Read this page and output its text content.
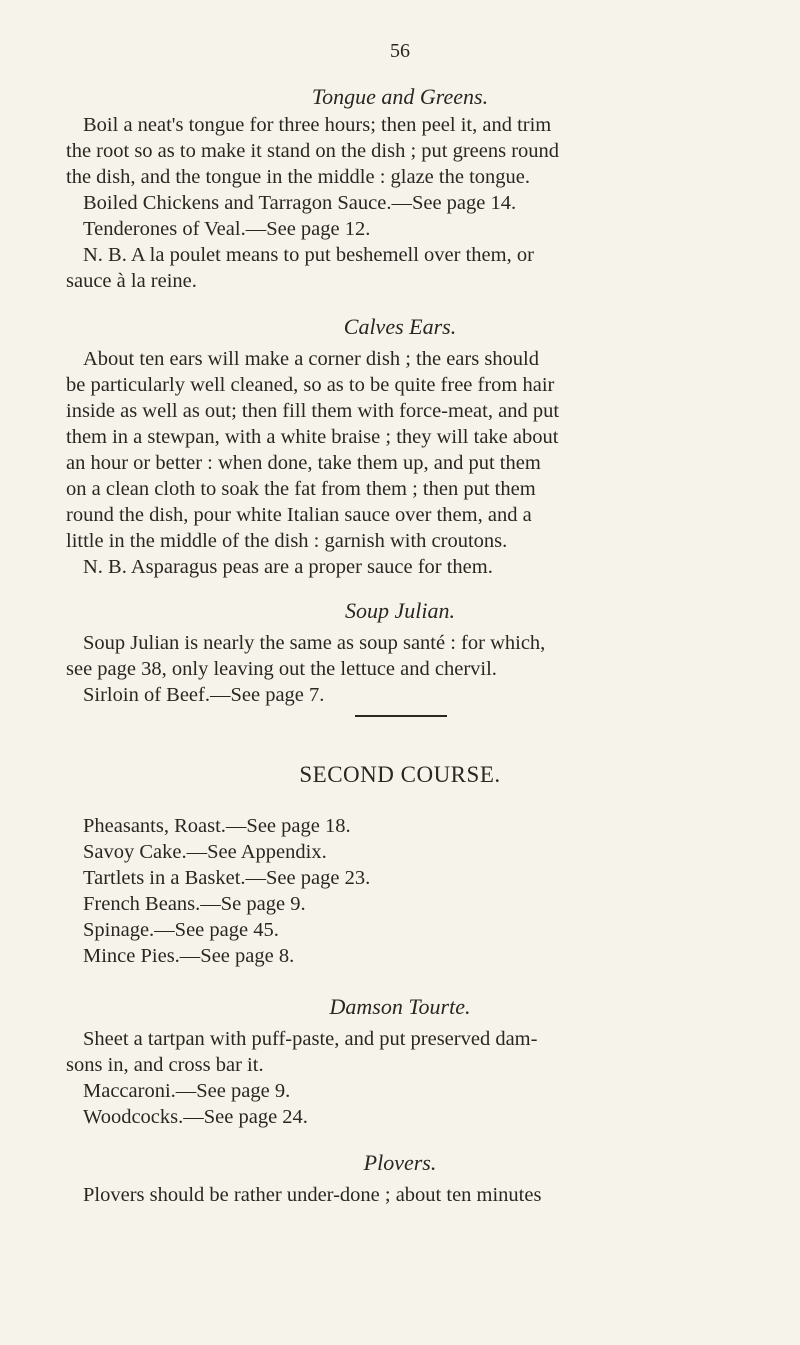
56
Tongue and Greens.
Boil a neat's tongue for three hours; then peel it, and trim
the root so as to make it stand on the dish ; put greens round
the dish, and the tongue in the middle : glaze the tongue.
Boiled Chickens and Tarragon Sauce.—See page 14.
Tenderones of Veal.—See page 12.
N. B. A la poulet means to put beshemell over them, or
sauce à la reine.
Calves Ears.
About ten ears will make a corner dish ; the ears should
be particularly well cleaned, so as to be quite free from hair
inside as well as out; then fill them with force-meat, and put
them in a stewpan, with a white braise ; they will take about
an hour or better : when done, take them up, and put them
on a clean cloth to soak the fat from them ; then put them
round the dish, pour white Italian sauce over them, and a
little in the middle of the dish : garnish with croutons.
N. B. Asparagus peas are a proper sauce for them.
Soup Julian.
Soup Julian is nearly the same as soup santé : for which,
see page 38, only leaving out the lettuce and chervil.
Sirloin of Beef.—See page 7.
SECOND COURSE.
Pheasants, Roast.—See page 18.
Savoy Cake.—See Appendix.
Tartlets in a Basket.—See page 23.
French Beans.—Se page 9.
Spinage.—See page 45.
Mince Pies.—See page 8.
Damson Tourte.
Sheet a tartpan with puff-paste, and put preserved dam-
sons in, and cross bar it.
Maccaroni.—See page 9.
Woodcocks.—See page 24.
Plovers.
Plovers should be rather under-done ; about ten minutes
